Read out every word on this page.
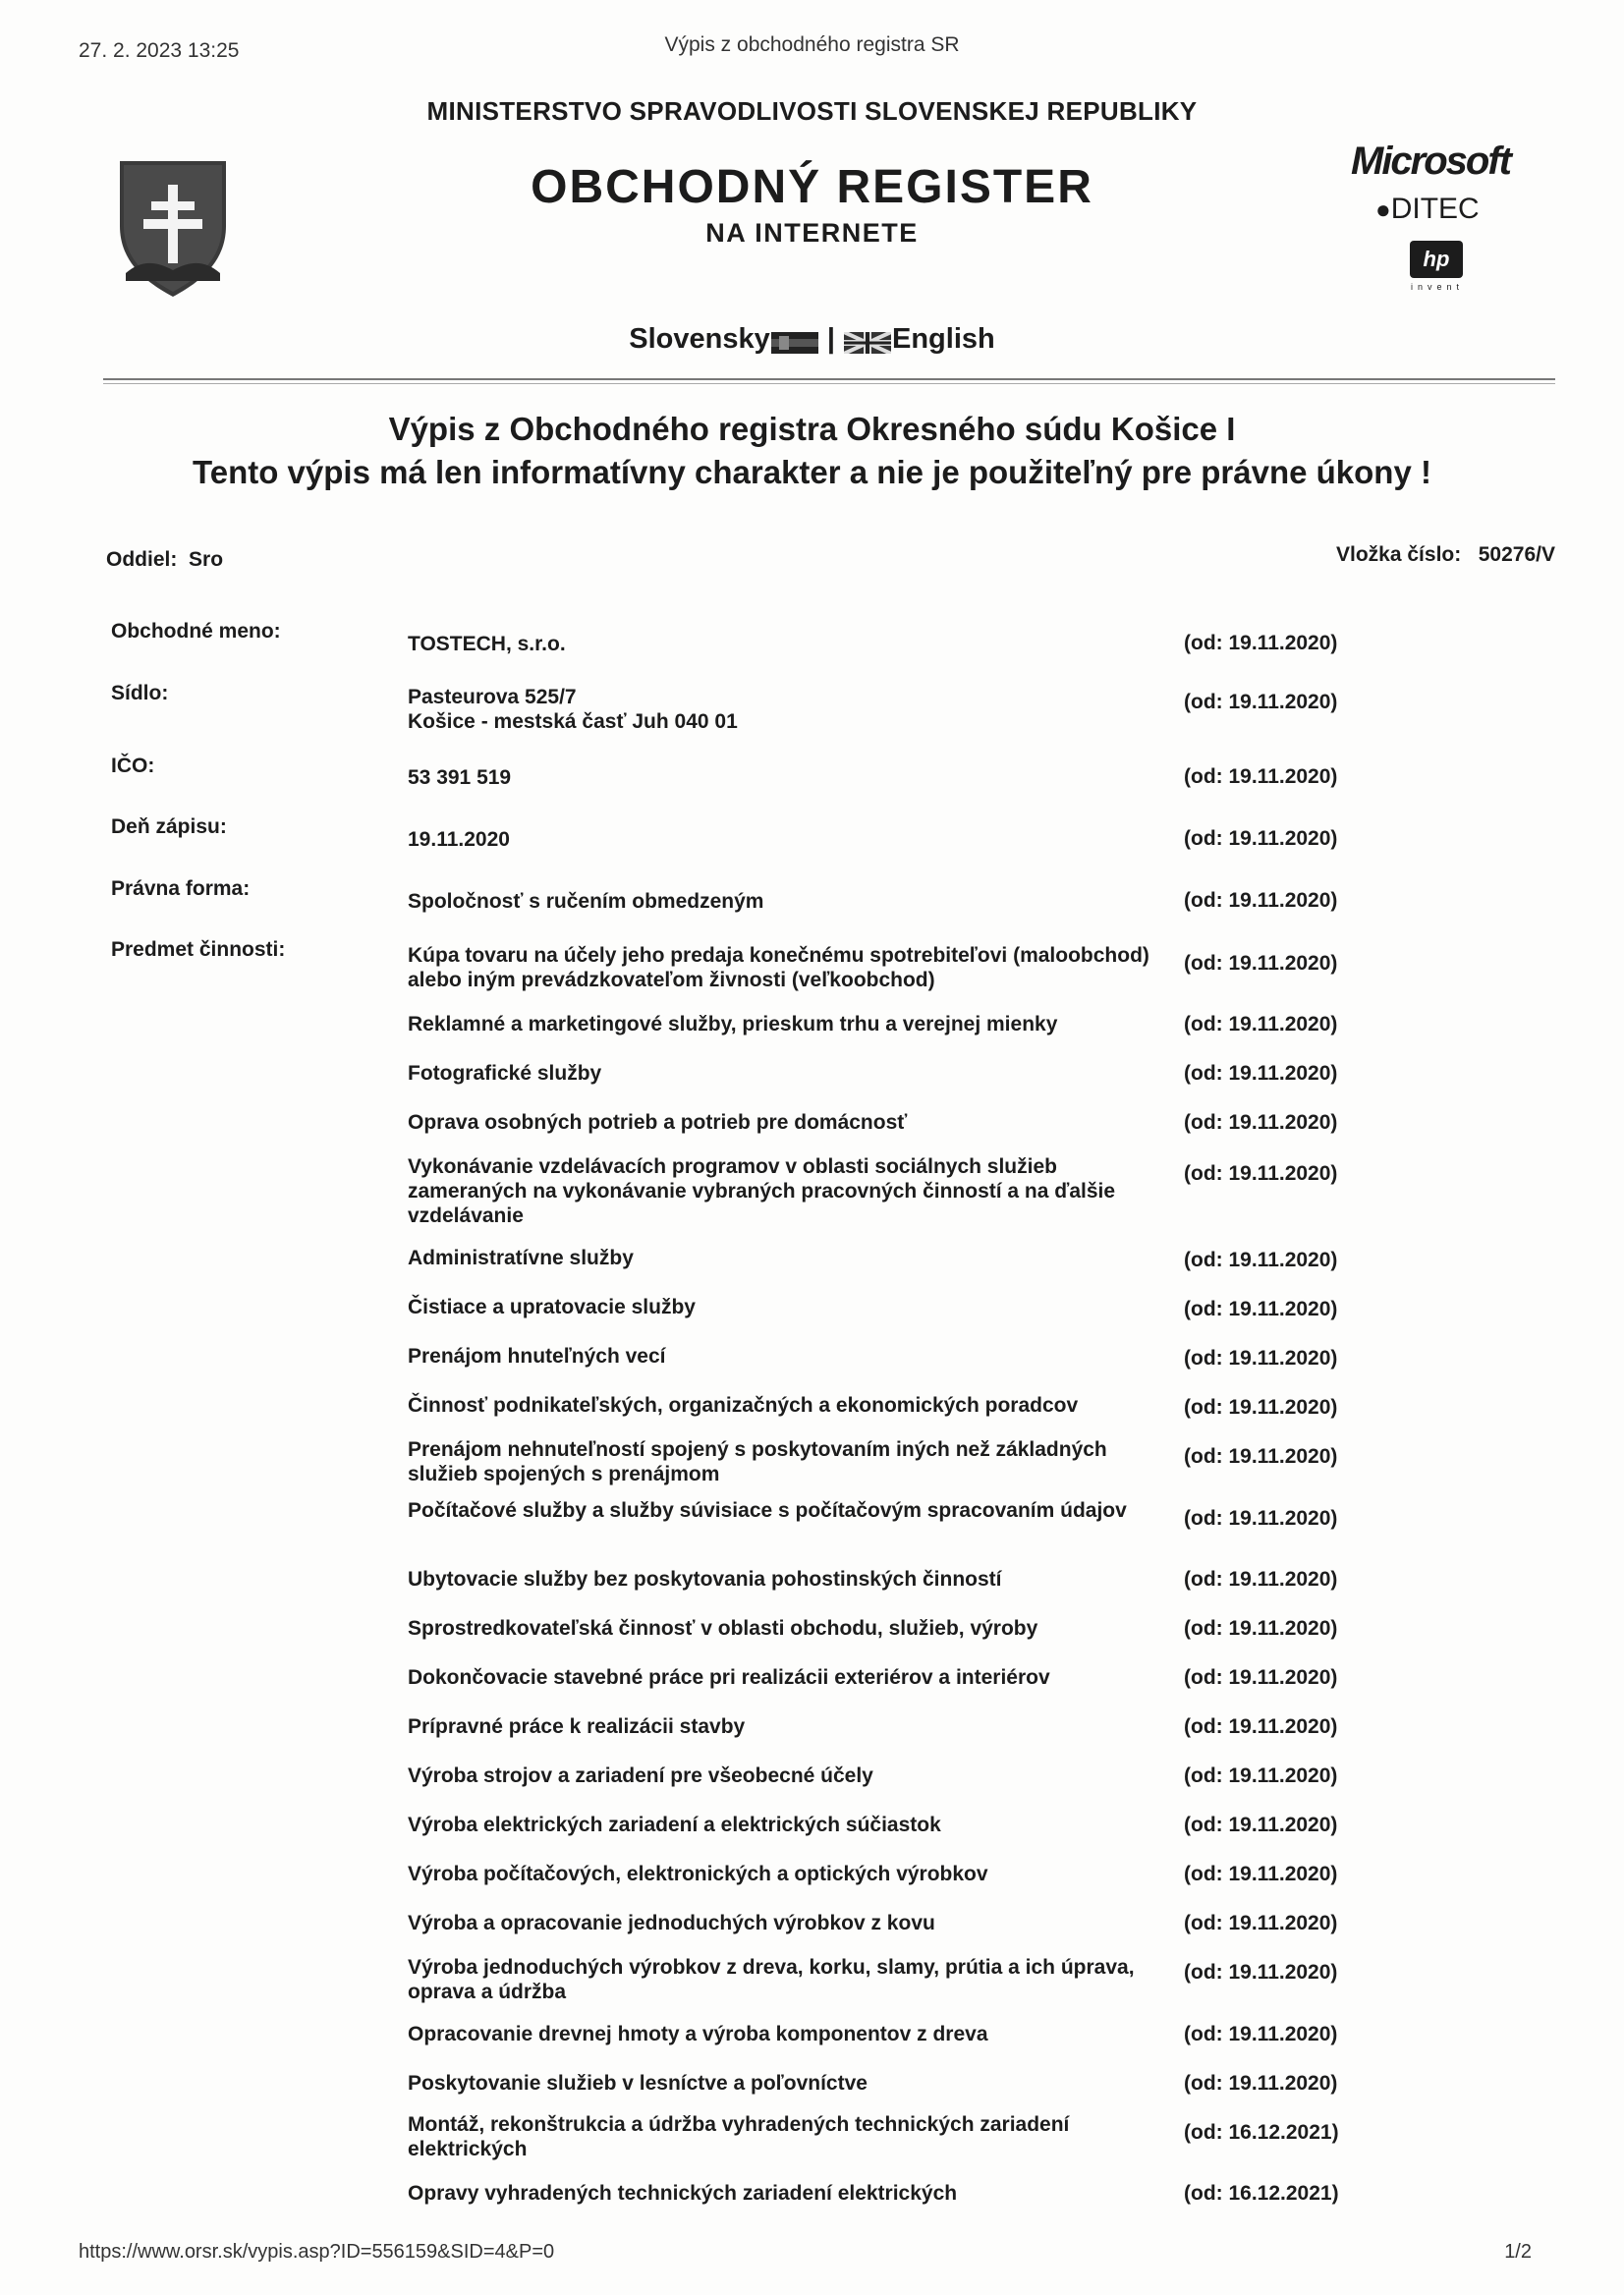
27. 2. 2023 13:25	Výpis z obchodného registra SR
MINISTERSTVO SPRAVODLIVOSTI SLOVENSKEJ REPUBLIKY
OBCHODNÝ REGISTER
NA INTERNETE
Microsoft
●DITEC
hp
invent
Slovensky | English
Výpis z Obchodného registra Okresného súdu Košice I
Tento výpis má len informatívny charakter a nie je použiteľný pre právne úkony !
Oddiel: Sro	Vložka číslo: 50276/V
Obchodné meno:
TOSTECH, s.r.o.	(od: 19.11.2020)
Sídlo:	Pasteurova 525/7
Košice - mestská časť Juh 040 01
(od: 19.11.2020)
IČO:
53 391 519	(od: 19.11.2020)
Deň zápisu:
19.11.2020	(od: 19.11.2020)
Právna forma:
Spoločnosť s ručením obmedzeným	(od: 19.11.2020)
Predmet činnosti:	Kúpa tovaru na účely jeho predaja konečnému spotrebiteľovi (maloobchod) alebo iným prevádzkovateľom živnosti (veľkoobchod)
(od: 19.11.2020)
Reklamné a marketingové služby, prieskum trhu a verejnej mienky	(od: 19.11.2020)
Fotografické služby	(od: 19.11.2020)
Oprava osobných potrieb a potrieb pre domácnosť	(od: 19.11.2020)
Vykonávanie vzdelávacích programov v oblasti sociálnych služieb zameraných na vykonávanie vybraných pracovných činností a na ďalšie vzdelávanie
(od: 19.11.2020)
Administratívne služby	(od: 19.11.2020)
Čistiace a upratovacie služby	(od: 19.11.2020)
Prenájom hnuteľných vecí	(od: 19.11.2020)
Činnosť podnikateľských, organizačných a ekonomických poradcov	(od: 19.11.2020)
Prenájom nehnuteľností spojený s poskytovaním iných než základných služieb spojených s prenájmom
(od: 19.11.2020)
Počítačové služby a služby súvisiace s počítačovým spracovaním údajov	(od: 19.11.2020)
Ubytovacie služby bez poskytovania pohostinských činností	(od: 19.11.2020)
Sprostredkovateľská činnosť v oblasti obchodu, služieb, výroby	(od: 19.11.2020)
Dokončovacie stavebné práce pri realizácii exteriérov a interiérov	(od: 19.11.2020)
Prípravné práce k realizácii stavby	(od: 19.11.2020)
Výroba strojov a zariadení pre všeobecné účely	(od: 19.11.2020)
Výroba elektrických zariadení a elektrických súčiastok	(od: 19.11.2020)
Výroba počítačových, elektronických a optických výrobkov	(od: 19.11.2020)
Výroba a opracovanie jednoduchých výrobkov z kovu	(od: 19.11.2020)
Výroba jednoduchých výrobkov z dreva, korku, slamy, prútia a ich úprava, oprava a údržba
(od: 19.11.2020)
Opracovanie drevnej hmoty a výroba komponentov z dreva	(od: 19.11.2020)
Poskytovanie služieb v lesníctve a poľovníctve	(od: 19.11.2020)
Montáž, rekonštrukcia a údržba vyhradených technických zariadení elektrických
(od: 16.12.2021)
Opravy vyhradených technických zariadení elektrických	(od: 16.12.2021)
https://www.orsr.sk/vypis.asp?ID=556159&SID=4&P=0	1/2
